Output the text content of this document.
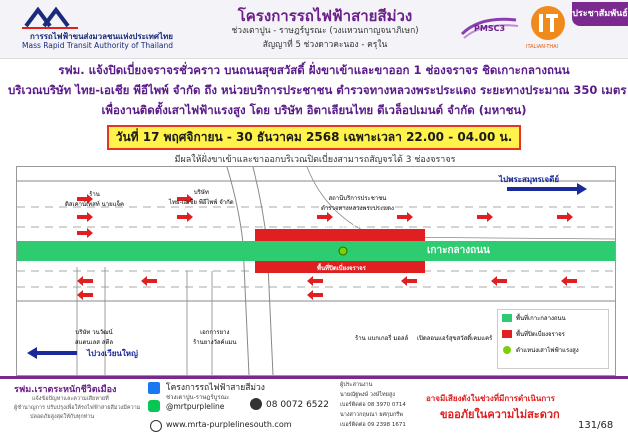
การรถไฟฟ้าขนส่งมวลชนแห่งประเทศไทย
Mass Rapid Transit Authority of Thailand
โครงการรถไฟฟ้าสายสีม่วง
ช่วงเตาปูน - ราษฎร์บูรณะ (วงแหวนกาญจนาภิเษก)
สัญญาที่ 5 ช่วงดาวคะนอง - ครุใน
PMSC3
ITALIAN-THAI
ประชาสัมพันธ์
รฟม. แจ้งปิดเบี่ยงจราจรชั่วคราว บนถนนสุขสวัสดิ์ ฝั่งขาเข้าและขาออก 1 ช่องจราจร ชิดเกาะกลางถนน
บริเวณบริษัท ไทย-เอเชีย พีอีไพพ์ จำกัด ถึง หน่วยบริการประชาชน ตำรวจทางหลวงพระประแดง ระยะทางประมาณ 350 เมตร
เพื่องานติดตั้งเสาไฟฟ้าแรงสูง โดย บริษัท อิตาเลียนไทย ดีเวล็อปเมนต์ จำกัด (มหาชน)
วันที่ 17 พฤศจิกายน - 30 ธันวาคม 2568 เฉพาะเวลา 22.00 - 04.00 น.
มีผลให้ฝั่งขาเข้าและขาออกบริเวณปิดเบี่ยงสามารถสัญจรได้ 3 ช่องจราจร
ร้าน
ดิสเคาน์เทสท์ นายแจ็ค
บริษัท
ไทย-เอเชีย พีอีไพพ์ จำกัด
สถานีบริการประชาชน
ตำรวจทางหลวงพระประแดง
ไปพระสมุทรเจดีย์
พื้นที่ปิดเบี่ยงจราจร
เกาะกลางถนน
พื้นที่ปิดเบี่ยงจราจร
บริษัท วนวัฒน์
สแตนเลส สตีล
เอกการยาง
ร้านยางวัลค์แมน
ร้าน แบกเกอรี่ มอลล์ เปิดลอนแอร์สุขสวัสดิ์เคมแคร์
ไปวงเวียนใหญ่
พื้นที่เกาะกลางถนน
พื้นที่ปิดเบี่ยงจราจร
ตำแหน่งเสาไฟฟ้าแรงสูง
รฟม.เราตระหนักชีวิตเมือง
แจ้งข้อปัญหาและความเสียหายที่
ผู้ชำนาญการ ปรับปรุงเพื่อให้รถไฟฟ้าสายสีม่วงมีความ
ปลอดภัยสูงสุดให้กับทุกท่าน
โครงการรถไฟฟ้าสายสีม่วง
ช่วงเตาปูน-ราษฎร์บูรณะ
@mrtpurpleline	08 0072 6522
www.mrta-purplelinesouth.com
ผู้ประสานงาน
นายณัฐพงษ์ วงษ์ไทยสูง
เบอร์ติดต่อ 08 3970 0714
นางสาวกฤษณา ยศกุมกรีพ
เบอร์ติดต่อ 09 2398 1671
อาจมีเสียงดังในช่วงที่มีการดำเนินการ
ขออภัยในความไม่สะดวก
131/68
